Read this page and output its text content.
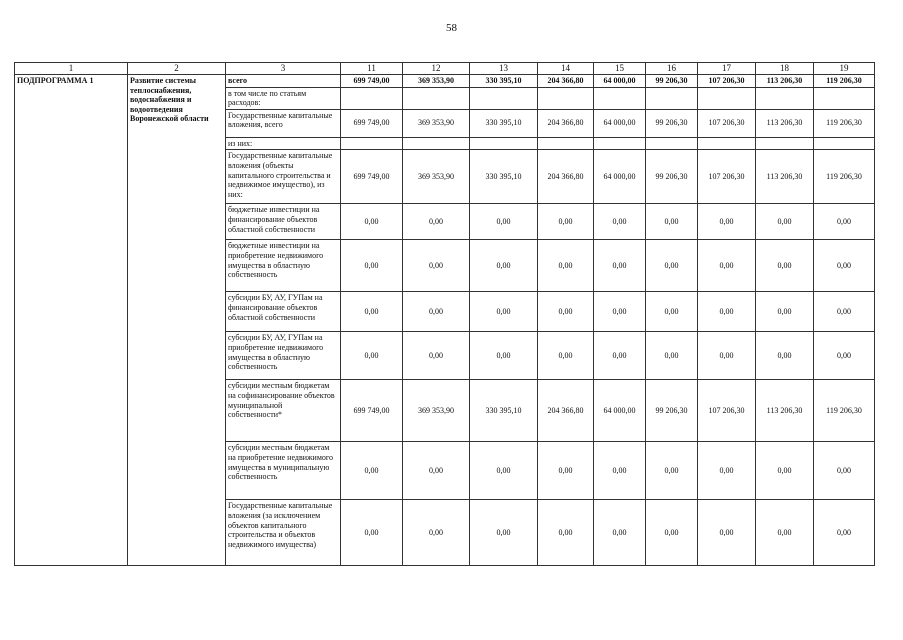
58
1	2	3	11	12	13	14	15	16	17	18	19
ПОДПРОГРАММА 1	Развитие системы теплоснабжения, водоснабжения и водоотведения Воронежской области	всего	699 749,00	369 353,90	330 395,10	204 366,80	64 000,00	99 206,30	107 206,30	113 206,30	119 206,30
		в том числе по статьям расходов:									
		Государственные капитальные вложения, всего	699 749,00	369 353,90	330 395,10	204 366,80	64 000,00	99 206,30	107 206,30	113 206,30	119 206,30
		из них:									
		Государственные капитальные вложения (объекты капитального строительства и недвижимое имущество), из них:	699 749,00	369 353,90	330 395,10	204 366,80	64 000,00	99 206,30	107 206,30	113 206,30	119 206,30
		бюджетные инвестиции на финансирование объектов областной собственности	0,00	0,00	0,00	0,00	0,00	0,00	0,00	0,00	0,00
		бюджетные инвестиции на приобретение недвижимого имущества в областную собственность	0,00	0,00	0,00	0,00	0,00	0,00	0,00	0,00	0,00
		субсидии БУ, АУ, ГУПам на финансирование объектов областной собственности	0,00	0,00	0,00	0,00	0,00	0,00	0,00	0,00	0,00
		субсидии БУ, АУ, ГУПам на приобретение недвижимого имущества в областную собственность	0,00	0,00	0,00	0,00	0,00	0,00	0,00	0,00	0,00
		субсидии местным бюджетам на софинансирование объектов муниципальной собственности*	699 749,00	369 353,90	330 395,10	204 366,80	64 000,00	99 206,30	107 206,30	113 206,30	119 206,30
		субсидии местным бюджетам на приобретение недвижимого имущества в муниципальную собственность	0,00	0,00	0,00	0,00	0,00	0,00	0,00	0,00	0,00
		Государственные капитальные вложения (за исключением объектов капитального строительства и объектов недвижимого имущества)	0,00	0,00	0,00	0,00	0,00	0,00	0,00	0,00	0,00
